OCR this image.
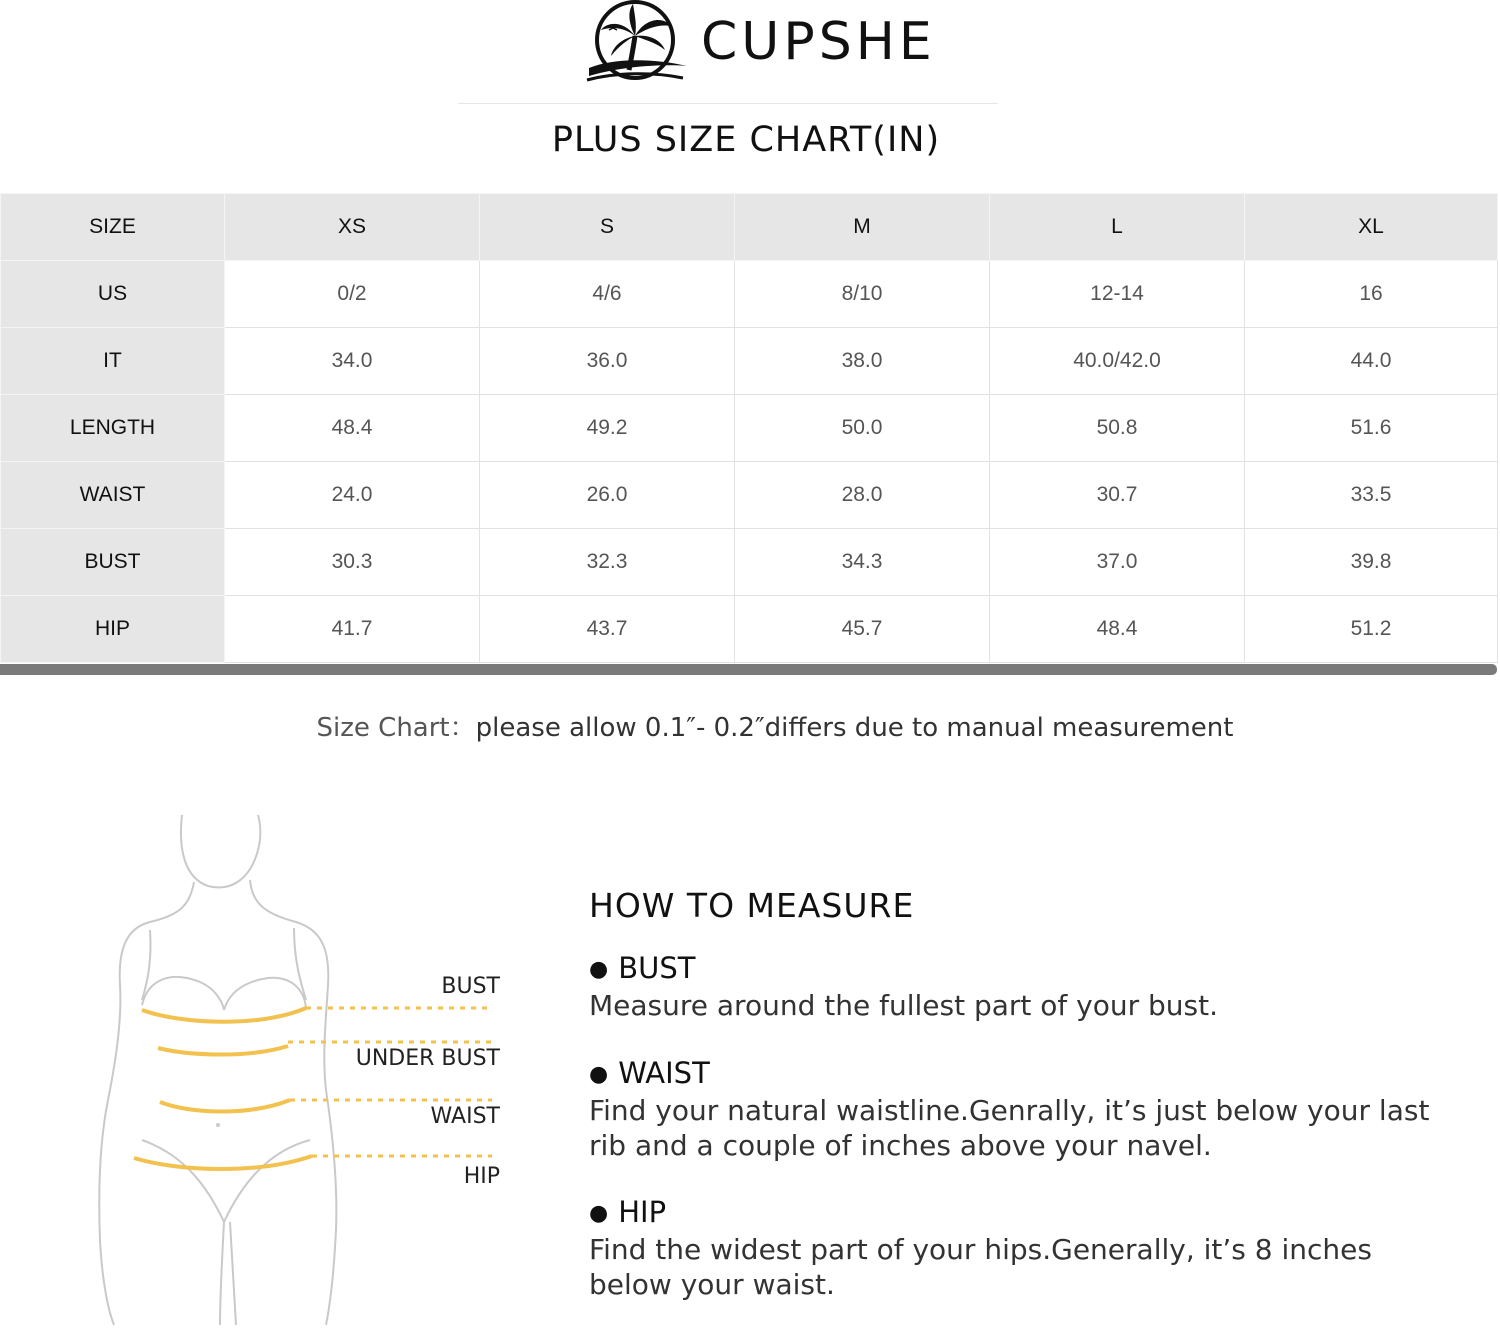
CUPSHE
PLUS SIZE CHART(IN)
SIZE	XS	S	M	L	XL
US	0/2	4/6	8/10	12-14	16
IT	34.0	36.0	38.0	40.0/42.0	44.0
LENGTH	48.4	49.2	50.0	50.8	51.6
WAIST	24.0	26.0	28.0	30.7	33.5
BUST	30.3	32.3	34.3	37.0	39.8
HIP	41.7	43.7	45.7	48.4	51.2
Size Chart：please allow 0.1″- 0.2″differs due to manual measurement
BUST
UNDER BUST
WAIST
HIP
HOW TO MEASURE
● BUST
Measure around the fullest part of your bust.
● WAIST
Find your natural waistline.Genrally, it’s just below your last
rib and a couple of inches above your navel.
● HIP
Find the widest part of your hips.Generally, it’s 8 inches
below your waist.
